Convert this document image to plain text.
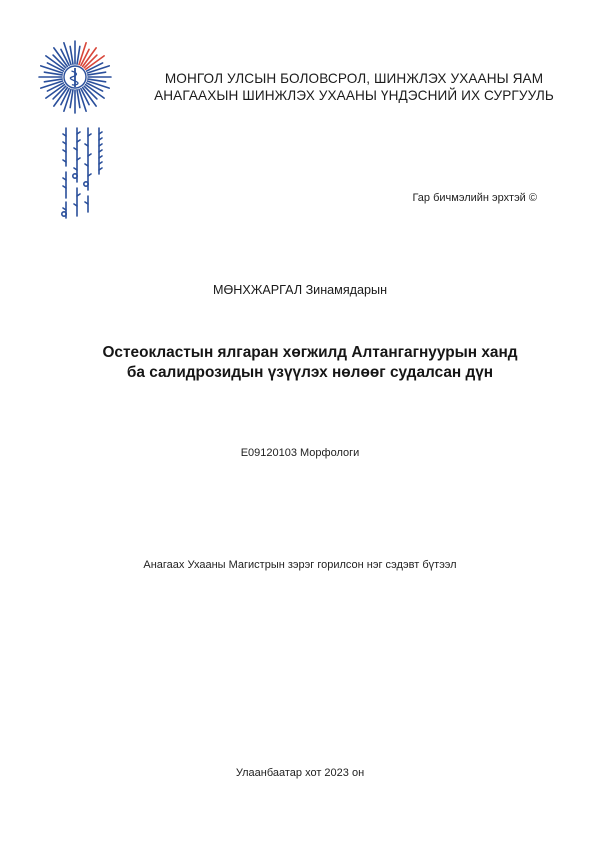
МОНГОЛ УЛСЫН БОЛОВСРОЛ, ШИНЖЛЭХ УХААНЫ ЯАМ
АНАГААХЫН ШИНЖЛЭХ УХААНЫ ҮНДЭСНИЙ ИХ СУРГУУЛЬ
Гар бичмэлийн эрхтэй ©
МӨНХЖАРГАЛ Зинамядарын
Остеокластын ялгаран хөгжилд Алтангагнуурын ханд
ба салидрозидын үзүүлэх нөлөөг судалсан дүн
E09120103 Морфологи
Анагаах Ухааны Магистрын зэрэг горилсон нэг сэдэвт бүтээл
Улаанбаатар хот 2023 он
